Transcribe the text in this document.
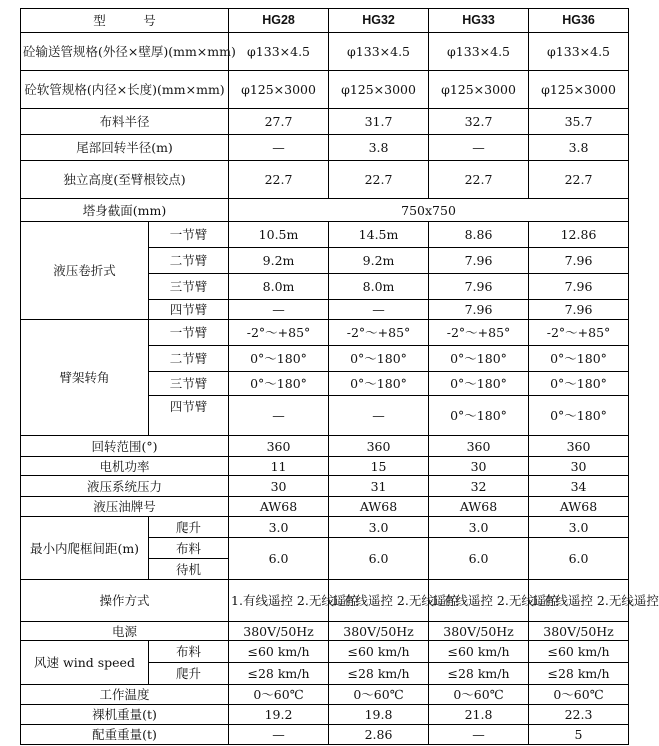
型　　　号		HG28	HG32	HG33	HG36
砼输送管规格(外径×壁厚)(mm×mm)		φ133×4.5	φ133×4.5	φ133×4.5	φ133×4.5
砼软管规格(内径×长度)(mm×mm)		φ125×3000	φ125×3000	φ125×3000	φ125×3000
布料半径		27.7	31.7	32.7	35.7
尾部回转半径(m)		—	3.8	—	3.8
独立高度(至臂根铰点)		22.7	22.7	22.7	22.7
塔身截面(mm)		750x750			
液压卷折式	一节臂	10.5m	14.5m	8.86	12.86
	二节臂	9.2m	9.2m	7.96	7.96
	三节臂	8.0m	8.0m	7.96	7.96
	四节臂	—	—	7.96	7.96
臂架转角	一节臂	-2°～+85°	-2°～+85°	-2°～+85°	-2°～+85°
	二节臂	0°～180°	0°～180°	0°～180°	0°～180°
	三节臂	0°～180°	0°～180°	0°～180°	0°～180°
	四节臂	—	—	0°～180°	0°～180°
回转范围(°)		360	360	360	360
电机功率		11	15	30	30
液压系统压力		30	31	32	34
液压油牌号		AW68	AW68	AW68	AW68
最小内爬框间距(m)	爬升	3.0	3.0	3.0	3.0
	布料	6.0	6.0	6.0	6.0
	待机				
操作方式		1.有线遥控 2.无线遥控	1.有线遥控 2.无线遥控	1.有线遥控 2.无线遥控	1.有线遥控 2.无线遥控
电源		380V/50Hz	380V/50Hz	380V/50Hz	380V/50Hz
风速 wind speed	布料	≤60 km/h	≤60 km/h	≤60 km/h	≤60 km/h
	爬升	≤28 km/h	≤28 km/h	≤28 km/h	≤28 km/h
工作温度		0～60℃	0～60℃	0～60℃	0～60℃
裸机重量(t)		19.2	19.8	21.8	22.3
配重重量(t)		—	2.86	—	5
